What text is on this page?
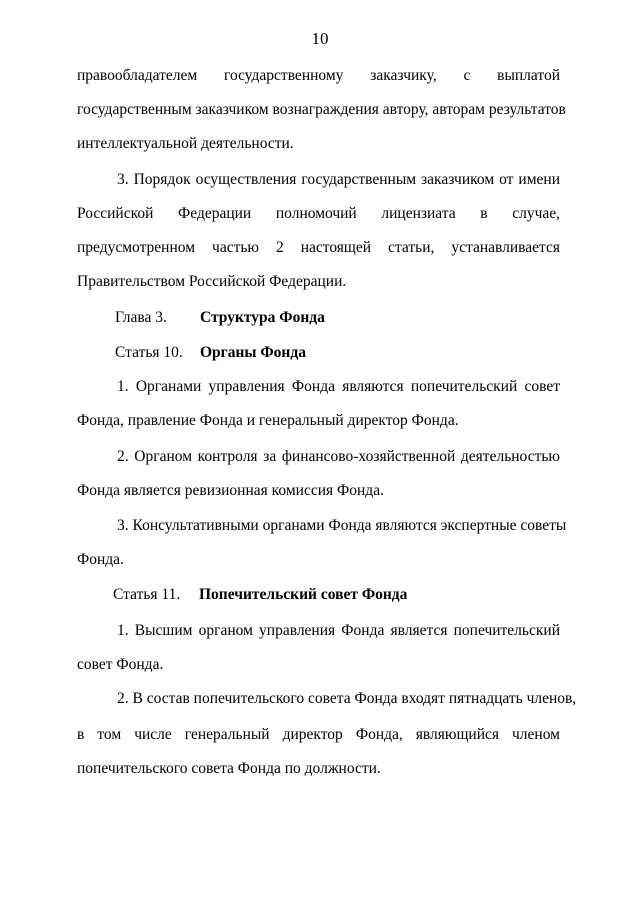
10
правообладателем государственному заказчику, с выплатой
государственным заказчиком вознаграждения автору, авторам результатов
интеллектуальной деятельности.
3. Порядок осуществления государственным заказчиком от имени
Российской Федерации полномочий лицензиата в случае,
предусмотренном частью 2 настоящей статьи, устанавливается
Правительством Российской Федерации.
Глава 3. Структура Фонда
Статья 10. Органы Фонда
1. Органами управления Фонда являются попечительский совет
Фонда, правление Фонда и генеральный директор Фонда.
2. Органом контроля за финансово-хозяйственной деятельностью
Фонда является ревизионная комиссия Фонда.
3. Консультативными органами Фонда являются экспертные советы
Фонда.
Статья 11. Попечительский совет Фонда
1. Высшим органом управления Фонда является попечительский
совет Фонда.
2. В состав попечительского совета Фонда входят пятнадцать членов,
в том числе генеральный директор Фонда, являющийся членом
попечительского совета Фонда по должности.
